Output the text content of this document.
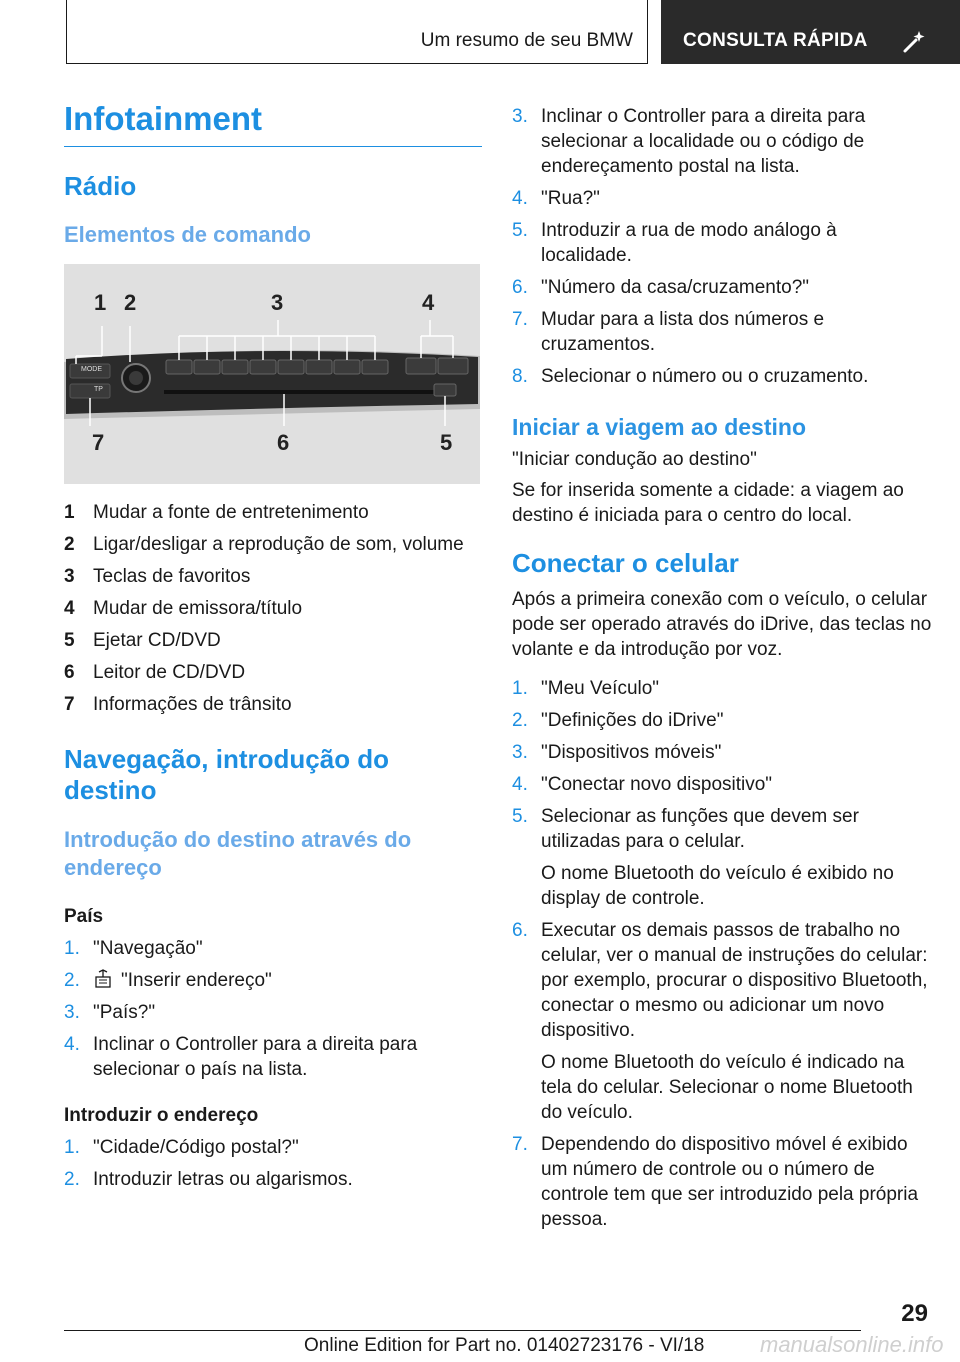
Um resumo de seu BMW	CONSULTA RÁPIDA
Infotainment
Rádio
Elementos de comando
1 2	3	4
5
6
7
MODE
TP
1 Mudar a fonte de entretenimento
2 Ligar/desligar a reprodução de som, volume
3 Teclas de favoritos
4 Mudar de emissora/título
5 Ejetar CD/DVD
6 Leitor de CD/DVD
7 Informações de trânsito
Navegação, introdução do destino
Introdução do destino através do endereço
País
1. "Navegação"
2. "Inserir endereço"
3. "País?"
4. Inclinar o Controller para a direita para selecionar o país na lista.
Introduzir o endereço
1. "Cidade/Código postal?"
2. Introduzir letras ou algarismos.
3. Inclinar o Controller para a direita para selecionar a localidade ou o código de endereçamento postal na lista.
4. "Rua?"
5. Introduzir a rua de modo análogo à localidade.
6. "Número da casa/cruzamento?"
7. Mudar para a lista dos números e cruzamentos.
8. Selecionar o número ou o cruzamento.
Iniciar a viagem ao destino

"Iniciar condução ao destino"

Se for inserida somente a cidade: a viagem ao destino é iniciada para o centro do local.

Conectar o celular

Após a primeira conexão com o veículo, o celular pode ser operado através do iDrive, das teclas no volante e da introdução por voz.

1. "Meu Veículo"
2. "Definições do iDrive"
3. "Dispositivos móveis"
4. "Conectar novo dispositivo"
5. Selecionar as funções que devem ser utilizadas para o celular.
O nome Bluetooth do veículo é exibido no display de controle.
6. Executar os demais passos de trabalho no celular, ver o manual de instruções do celular: por exemplo, procurar o dispositivo Bluetooth, conectar o mesmo ou adicionar um novo dispositivo.
O nome Bluetooth do veículo é indicado na tela do celular. Selecionar o nome Bluetooth do veículo.
7. Dependendo do dispositivo móvel é exibido um número de controle ou o número de controle tem que ser introduzido pela própria pessoa.
29
Online Edition for Part no. 01402723176 - VI/18	manualsonline.info
